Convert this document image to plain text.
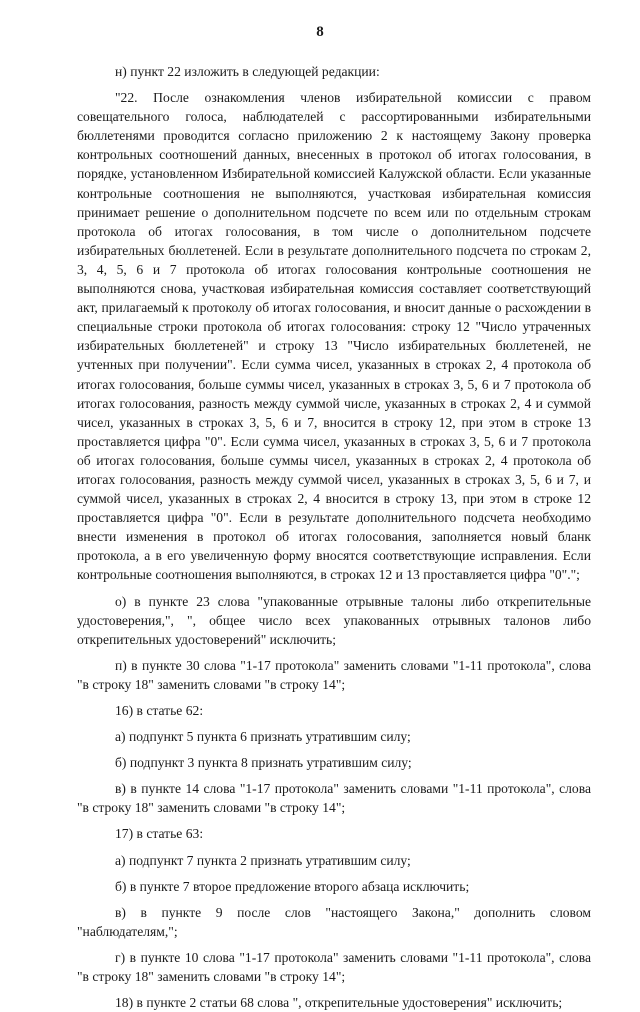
8

н) пункт 22 изложить в следующей редакции:

"22. После ознакомления членов избирательной комиссии с правом совещательного голоса, наблюдателей с рассортированными избирательными бюллетенями проводится согласно приложению 2 к настоящему Закону проверка контрольных соотношений данных, внесенных в протокол об итогах голосования, в порядке, установленном Избирательной комиссией Калужской области. Если указанные контрольные соотношения не выполняются, участковая избирательная комиссия принимает решение о дополнительном подсчете по всем или по отдельным строкам протокола об итогах голосования, в том числе о дополнительном подсчете избирательных бюллетеней. Если в результате дополнительного подсчета по строкам 2, 3, 4, 5, 6 и 7 протокола об итогах голосования контрольные соотношения не выполняются снова, участковая избирательная комиссия составляет соответствующий акт, прилагаемый к протоколу об итогах голосования, и вносит данные о расхождении в специальные строки протокола об итогах голосования: строку 12 "Число утраченных избирательных бюллетеней" и строку 13 "Число избирательных бюллетеней, не учтенных при получении". Если сумма чисел, указанных в строках 2, 4 протокола об итогах голосования, больше суммы чисел, указанных в строках 3, 5, 6 и 7 протокола об итогах голосования, разность между суммой числе, указанных в строках 2, 4 и суммой чисел, указанных в строках 3, 5, 6 и 7, вносится в строку 12, при этом в строке 13 проставляется цифра "0". Если сумма чисел, указанных в строках 3, 5, 6 и 7 протокола об итогах голосования, больше суммы чисел, указанных в строках 2, 4 протокола об итогах голосования, разность между суммой чисел, указанных в строках 3, 5, 6 и 7, и суммой чисел, указанных в строках 2, 4 вносится в строку 13, при этом в строке 12 проставляется цифра "0". Если в результате дополнительного подсчета необходимо внести изменения в протокол об итогах голосования, заполняется новый бланк протокола, а в его увеличенную форму вносятся соответствующие исправления. Если контрольные соотношения выполняются, в строках 12 и 13 проставляется цифра "0".";

о) в пункте 23 слова "упакованные отрывные талоны либо открепительные удостоверения,", ", общее число всех упакованных отрывных талонов либо открепительных удостоверений" исключить;

п) в пункте 30 слова "1-17 протокола" заменить словами "1-11 протокола", слова "в строку 18" заменить словами "в строку 14";

16) в статье 62:

а) подпункт 5 пункта 6 признать утратившим силу;

б) подпункт 3 пункта 8 признать утратившим силу;

в) в пункте 14 слова "1-17 протокола" заменить словами "1-11 протокола", слова "в строку 18" заменить словами "в строку 14";

17) в статье 63:

а) подпункт 7 пункта 2 признать утратившим силу;

б) в пункте 7 второе предложение второго абзаца исключить;

в) в пункте 9 после слов "настоящего Закона," дополнить словом "наблюдателям,";

г) в пункте 10 слова "1-17 протокола" заменить словами "1-11 протокола", слова "в строку 18" заменить словами "в строку 14";

18) в пункте 2 статьи 68 слова ", открепительные удостоверения" исключить;
